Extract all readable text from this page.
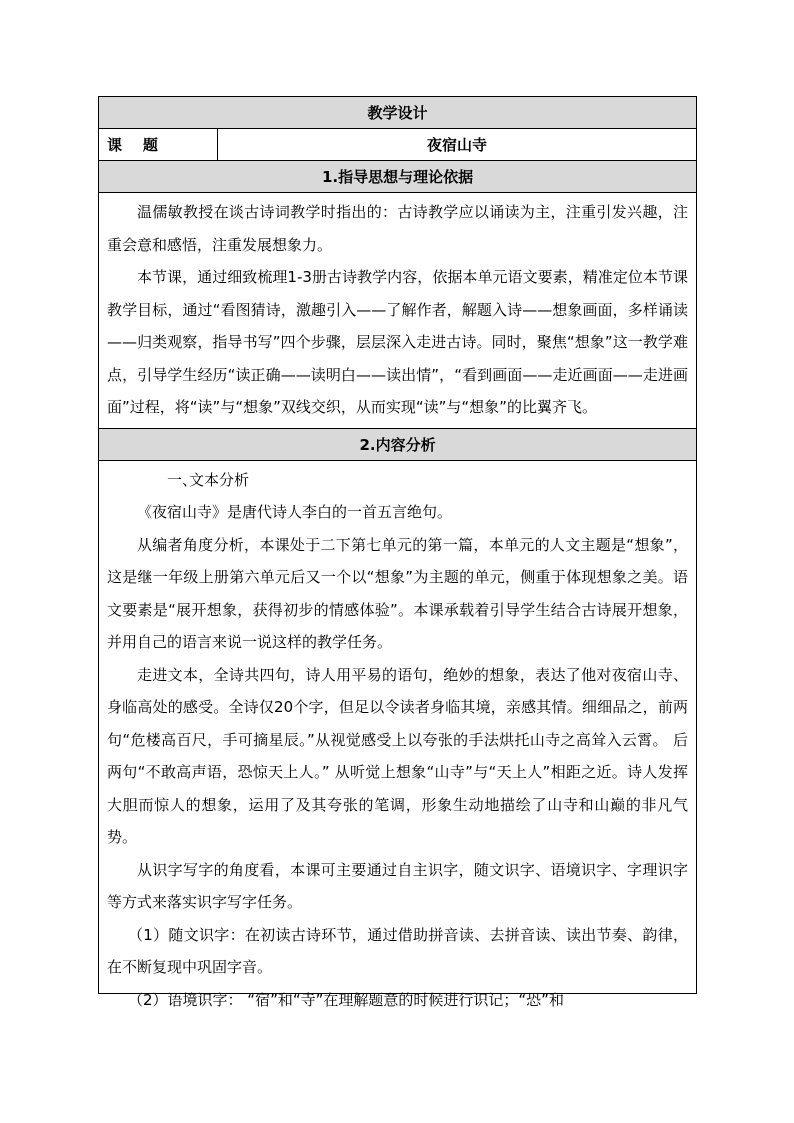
教学设计
课    题	夜宿山寺
1.指导思想与理论依据

温儒敏教授在谈古诗词教学时指出的：古诗教学应以诵读为主，注重引发兴趣，注重会意和感悟，注重发展想象力。

本节课，通过细致梳理1-3册古诗教学内容，依据本单元语文要素，精准定位本节课教学目标，通过“看图猜诗，激趣引入——了解作者，解题入诗——想象画面，多样诵读——归类观察，指导书写”四个步骤，层层深入走进古诗。同时，聚焦“想象”这一教学难点，引导学生经历“读正确——读明白——读出情”，“看到画面——走近画面——走进画面”过程，将“读”与“想象”双线交织，从而实现“读”与“想象”的比翼齐飞。

2.内容分析

一、文本分析

《夜宿山寺》是唐代诗人李白的一首五言绝句。

从编者角度分析，本课处于二下第七单元的第一篇，本单元的人文主题是“想象”，这是继一年级上册第六单元后又一个以“想象”为主题的单元，侧重于体现想象之美。语文要素是“展开想象，获得初步的情感体验”。本课承载着引导学生结合古诗展开想象，并用自己的语言来说一说这样的教学任务。

走进文本，全诗共四句，诗人用平易的语句，绝妙的想象，表达了他对夜宿山寺、身临高处的感受。全诗仅20个字，但足以令读者身临其境，亲感其情。细细品之，前两句“危楼高百尺，手可摘星辰。”从视觉感受上以夸张的手法烘托山寺之高耸入云霄。 后两句“不敢高声语，恐惊天上人。” 从听觉上想象“山寺”与“天上人”相距之近。诗人发挥大胆而惊人的想象，运用了及其夸张的笔调，形象生动地描绘了山寺和山巅的非凡气势。

从识字写字的角度看，本课可主要通过自主识字，随文识字、语境识字、字理识字等方式来落实识字写字任务。

（1）随文识字：在初读古诗环节，通过借助拼音读、去拼音读、读出节奏、韵律，在不断复现中巩固字音。

（2）语境识字： “宿”和“寺”在理解题意的时候进行识记；“恐”和
